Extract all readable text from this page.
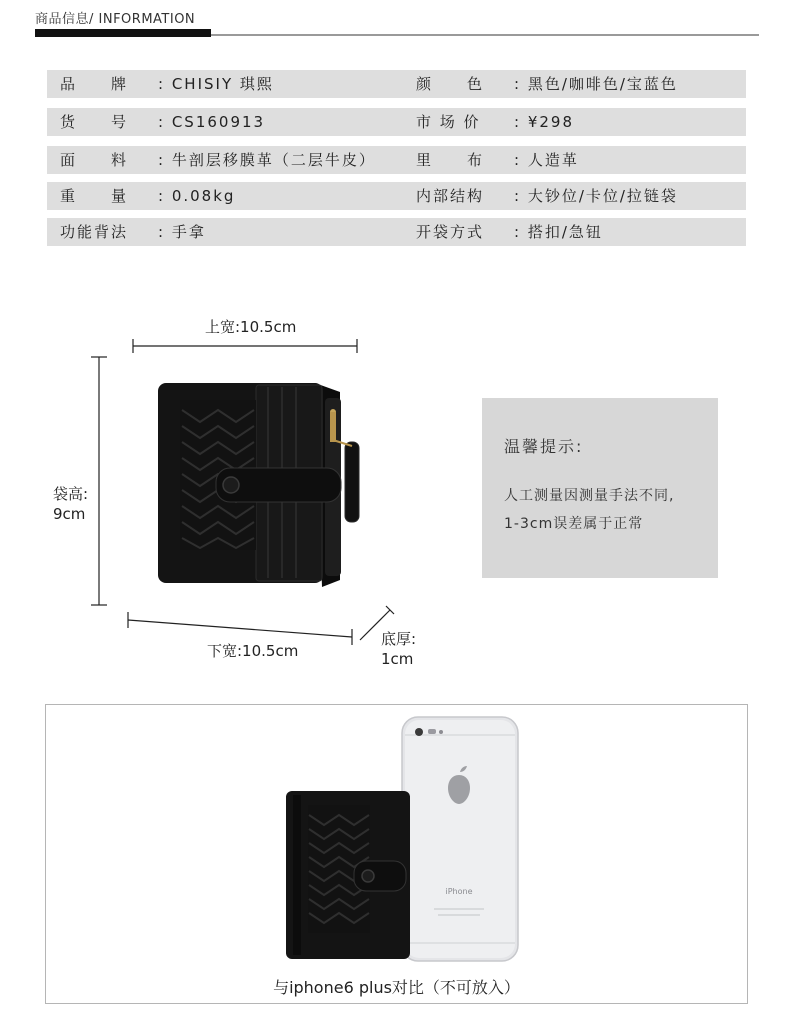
商品信息/ INFORMATION
品　　牌 : CHISIY 琪熙	颜　　色 : 黑色/咖啡色/宝蓝色
货　　号 : CS160913	市 场 价 : ¥298
面　　料 : 牛剖层移膜革（二层牛皮）	里　　布 : 人造革
重　　量 : 0.08kg	内部结构 : 大钞位/卡位/拉链袋
功能背法 : 手拿	开袋方式 : 搭扣/急钮
上宽:10.5cm
袋高:
9cm
下宽:10.5cm
底厚:
1cm
温馨提示:
人工测量因测量手法不同,
1-3cm误差属于正常
iPhone
与iphone6 plus对比（不可放入）
